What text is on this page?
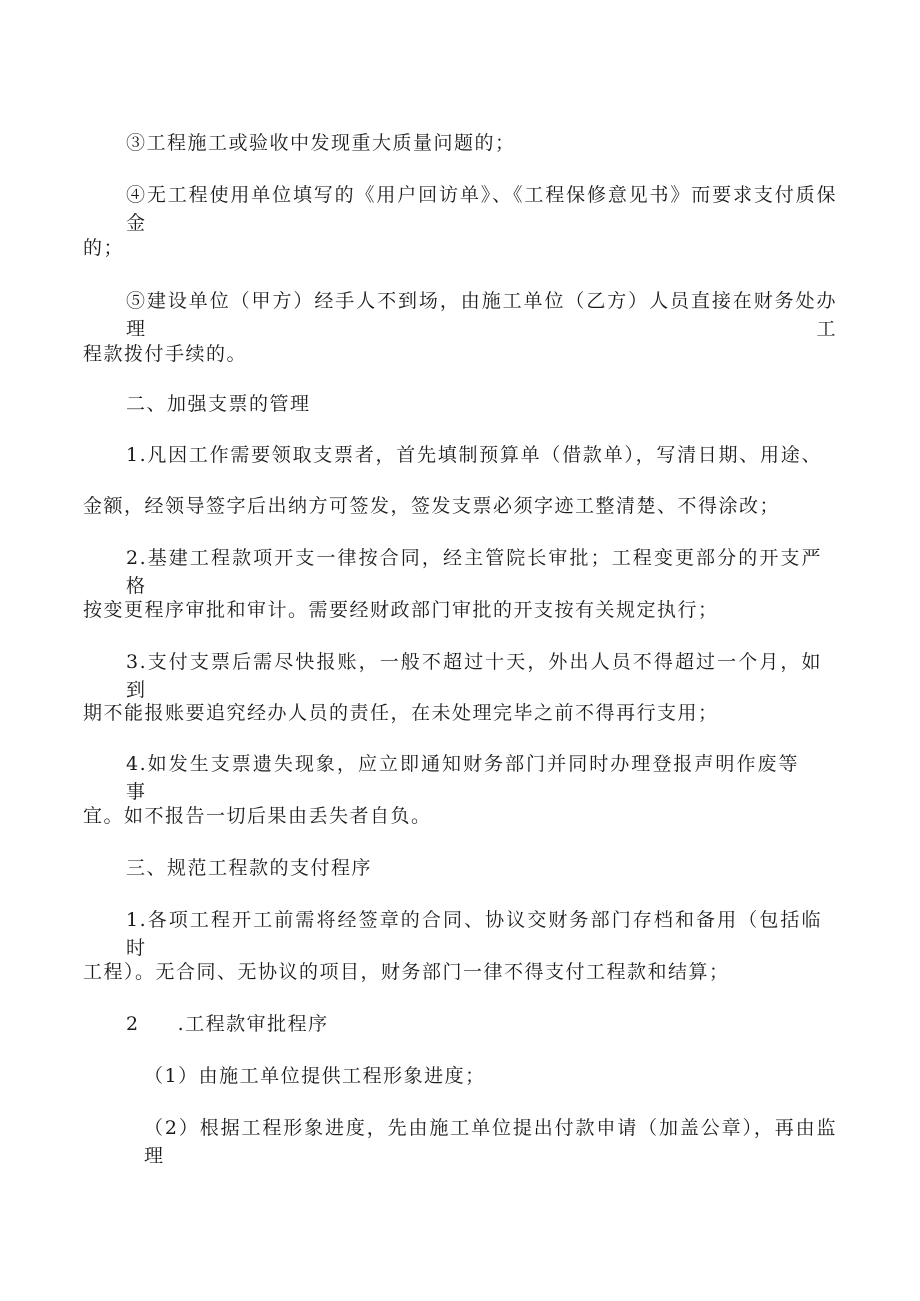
③工程施工或验收中发现重大质量问题的；
④无工程使用单位填写的《用户回访单》、《工程保修意见书》而要求支付质保金
的；
⑤建设单位（甲方）经手人不到场，由施工单位（乙方）人员直接在财务处办理工
程款拨付手续的。
二、加强支票的管理
1.凡因工作需要领取支票者，首先填制预算单（借款单），写清日期、用途、
金额，经领导签字后出纳方可签发，签发支票必须字迹工整清楚、不得涂改；
2.基建工程款项开支一律按合同，经主管院长审批；工程变更部分的开支严格
按变更程序审批和审计。需要经财政部门审批的开支按有关规定执行；
3.支付支票后需尽快报账，一般不超过十天，外出人员不得超过一个月，如到
期不能报账要追究经办人员的责任，在未处理完毕之前不得再行支用；
4.如发生支票遗失现象，应立即通知财务部门并同时办理登报声明作废等事
宜。如不报告一切后果由丢失者自负。
三、规范工程款的支付程序
1.各项工程开工前需将经签章的合同、协议交财务部门存档和备用（包括临时
工程）。无合同、无协议的项目，财务部门一律不得支付工程款和结算；
2 .工程款审批程序
（1）由施工单位提供工程形象进度；
（2）根据工程形象进度，先由施工单位提出付款申请（加盖公章），再由监理
